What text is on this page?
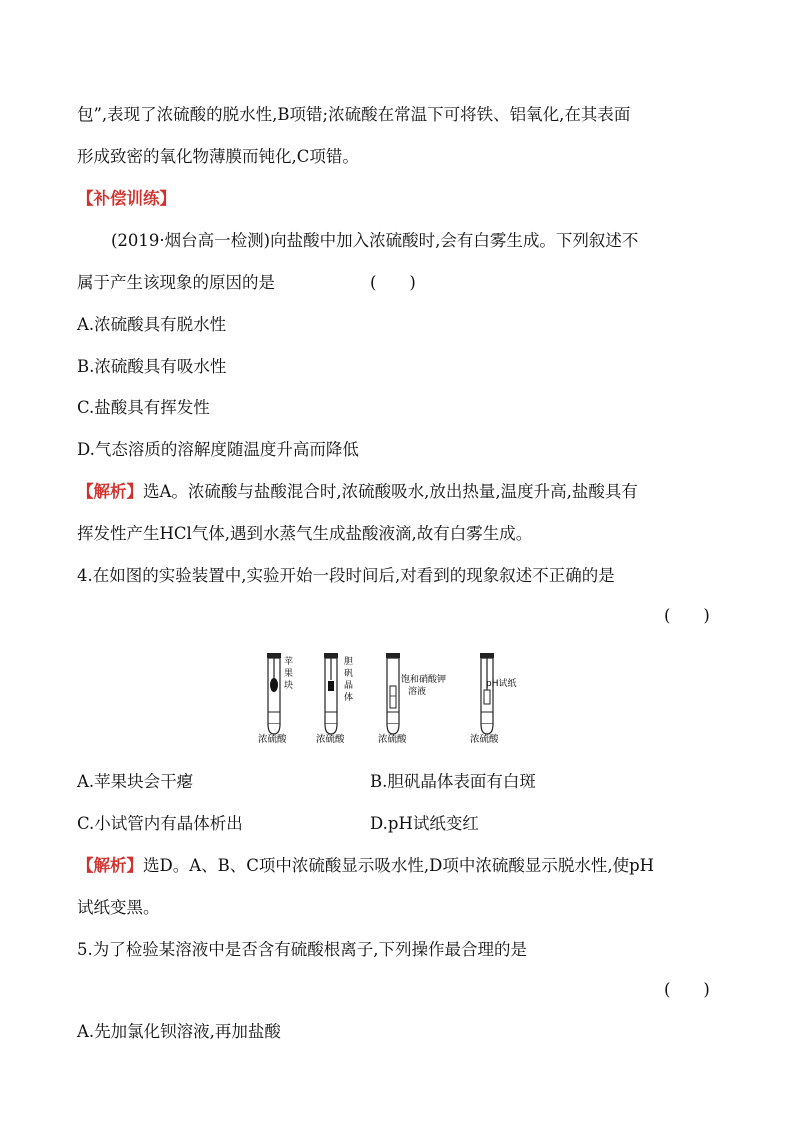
包”,表现了浓硫酸的脱水性,B项错;浓硫酸在常温下可将铁、铝氧化,在其表面
形成致密的氧化物薄膜而钝化,C项错。
【补偿训练】
(2019·烟台高一检测)向盐酸中加入浓硫酸时,会有白雾生成。下列叙述不
属于产生该现象的原因的是	(　　)
A.浓硫酸具有脱水性
B.浓硫酸具有吸水性
C.盐酸具有挥发性
D.气态溶质的溶解度随温度升高而降低
【解析】选A。浓硫酸与盐酸混合时,浓硫酸吸水,放出热量,温度升高,盐酸具有
挥发性产生HCl气体,遇到水蒸气生成盐酸液滴,故有白雾生成。
4.在如图的实验装置中,实验开始一段时间后,对看到的现象叙述不正确的是
(　　)
苹
果
块
浓硫酸
胆
矾
晶
体
浓硫酸
饱和硝酸钾
溶液
浓硫酸
pH试纸
浓硫酸
A.苹果块会干瘪	B.胆矾晶体表面有白斑
C.小试管内有晶体析出	D.pH试纸变红
【解析】选D。A、B、C项中浓硫酸显示吸水性,D项中浓硫酸显示脱水性,使pH
试纸变黑。
5.为了检验某溶液中是否含有硫酸根离子,下列操作最合理的是
(　　)
A.先加氯化钡溶液,再加盐酸
